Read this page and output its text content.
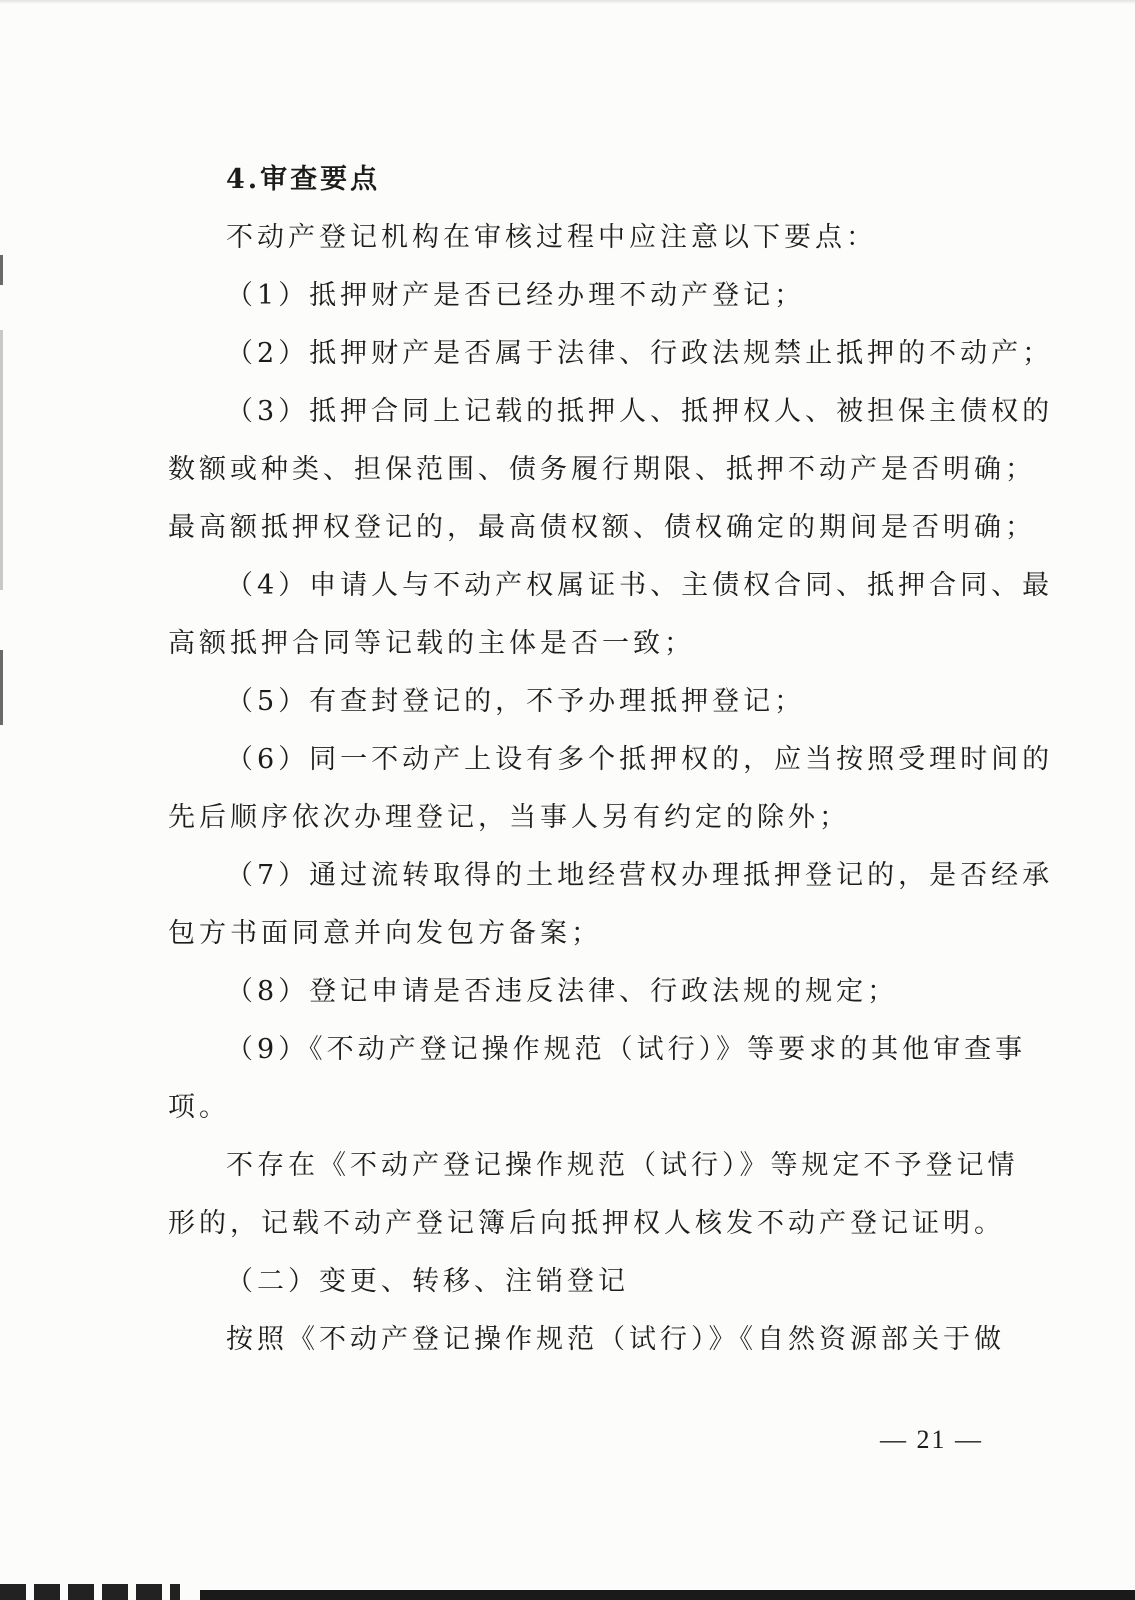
4.审查要点
不动产登记机构在审核过程中应注意以下要点：
（1）抵押财产是否已经办理不动产登记；
（2）抵押财产是否属于法律、行政法规禁止抵押的不动产；
（3）抵押合同上记载的抵押人、抵押权人、被担保主债权的
数额或种类、担保范围、债务履行期限、抵押不动产是否明确；
最高额抵押权登记的，最高债权额、债权确定的期间是否明确；
（4）申请人与不动产权属证书、主债权合同、抵押合同、最
高额抵押合同等记载的主体是否一致；
（5）有查封登记的，不予办理抵押登记；
（6）同一不动产上设有多个抵押权的，应当按照受理时间的
先后顺序依次办理登记，当事人另有约定的除外；
（7）通过流转取得的土地经营权办理抵押登记的，是否经承
包方书面同意并向发包方备案；
（8）登记申请是否违反法律、行政法规的规定；
（9）《不动产登记操作规范（试行）》等要求的其他审查事
项。
不存在《不动产登记操作规范（试行）》等规定不予登记情
形的，记载不动产登记簿后向抵押权人核发不动产登记证明。
（二）变更、转移、注销登记
按照《不动产登记操作规范（试行）》《自然资源部关于做
— 21 —
